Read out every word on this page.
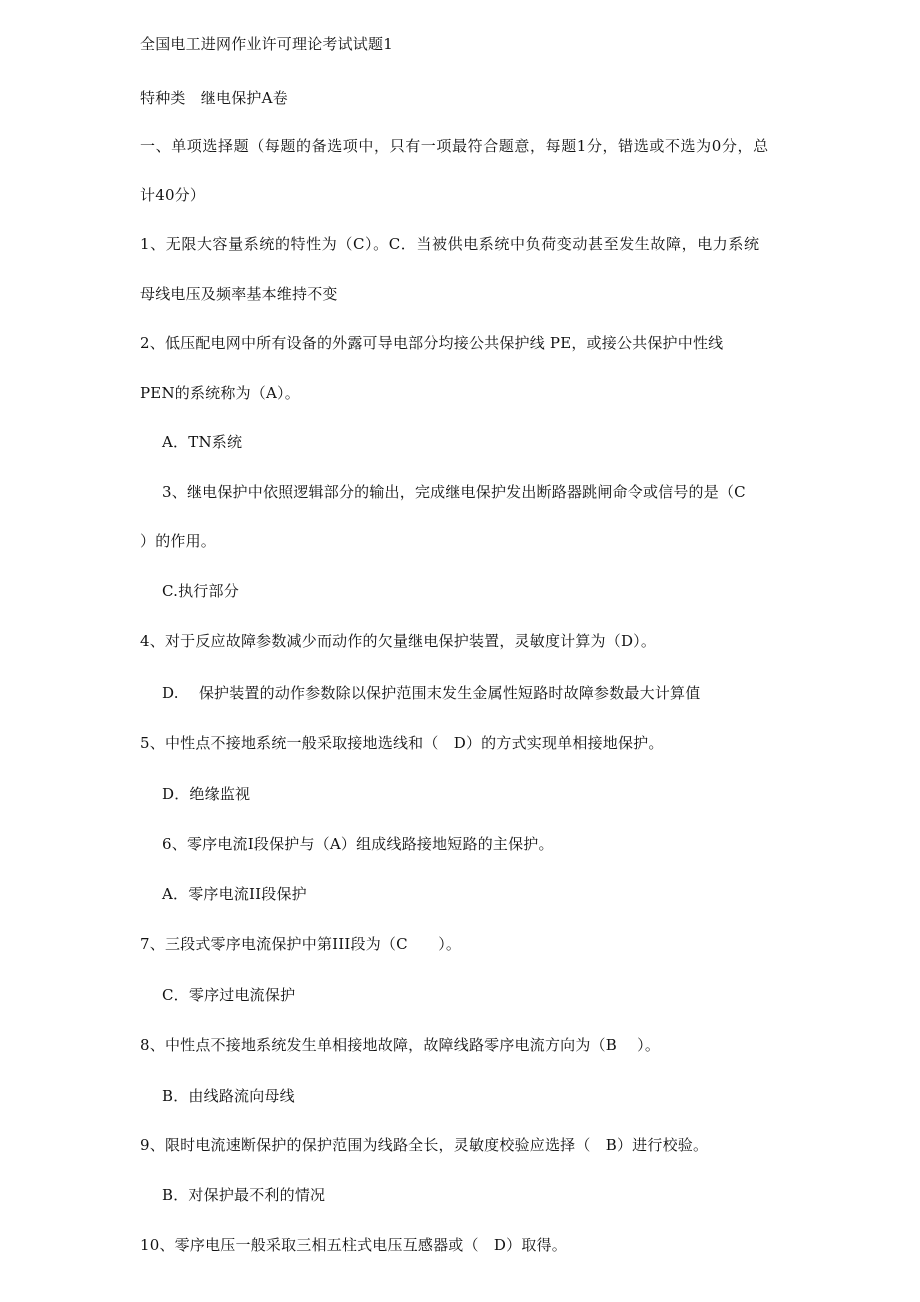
全国电工进网作业许可理论考试试题1
特种类　继电保护A卷
一、单项选择题（每题的备选项中，只有一项最符合题意，每题1分，错选或不选为0分，总
计40分）
1、无限大容量系统的特性为（C）。C．当被供电系统中负荷变动甚至发生故障，电力系统
母线电压及频率基本维持不变
2、低压配电网中所有设备的外露可导电部分均接公共保护线 PE，或接公共保护中性线
PEN的系统称为（A）。
A．TN系统
3、继电保护中依照逻辑部分的输出，完成继电保护发出断路器跳闸命令或信号的是（C
）的作用。
C.执行部分
4、对于反应故障参数减少而动作的欠量继电保护装置，灵敏度计算为（D）。
D.　 保护装置的动作参数除以保护范围末发生金属性短路时故障参数最大计算值
5、中性点不接地系统一般采取接地选线和（　D）的方式实现单相接地保护。
D．绝缘监视
6、零序电流I段保护与（A）组成线路接地短路的主保护。
A．零序电流II段保护
7、三段式零序电流保护中第III段为（C　　）。
C．零序过电流保护
8、中性点不接地系统发生单相接地故障，故障线路零序电流方向为（B　 ）。
B．由线路流向母线
9、限时电流速断保护的保护范围为线路全长，灵敏度校验应选择（　B）进行校验。
B．对保护最不利的情况
10、零序电压一般采取三相五柱式电压互感器或（　D）取得。
